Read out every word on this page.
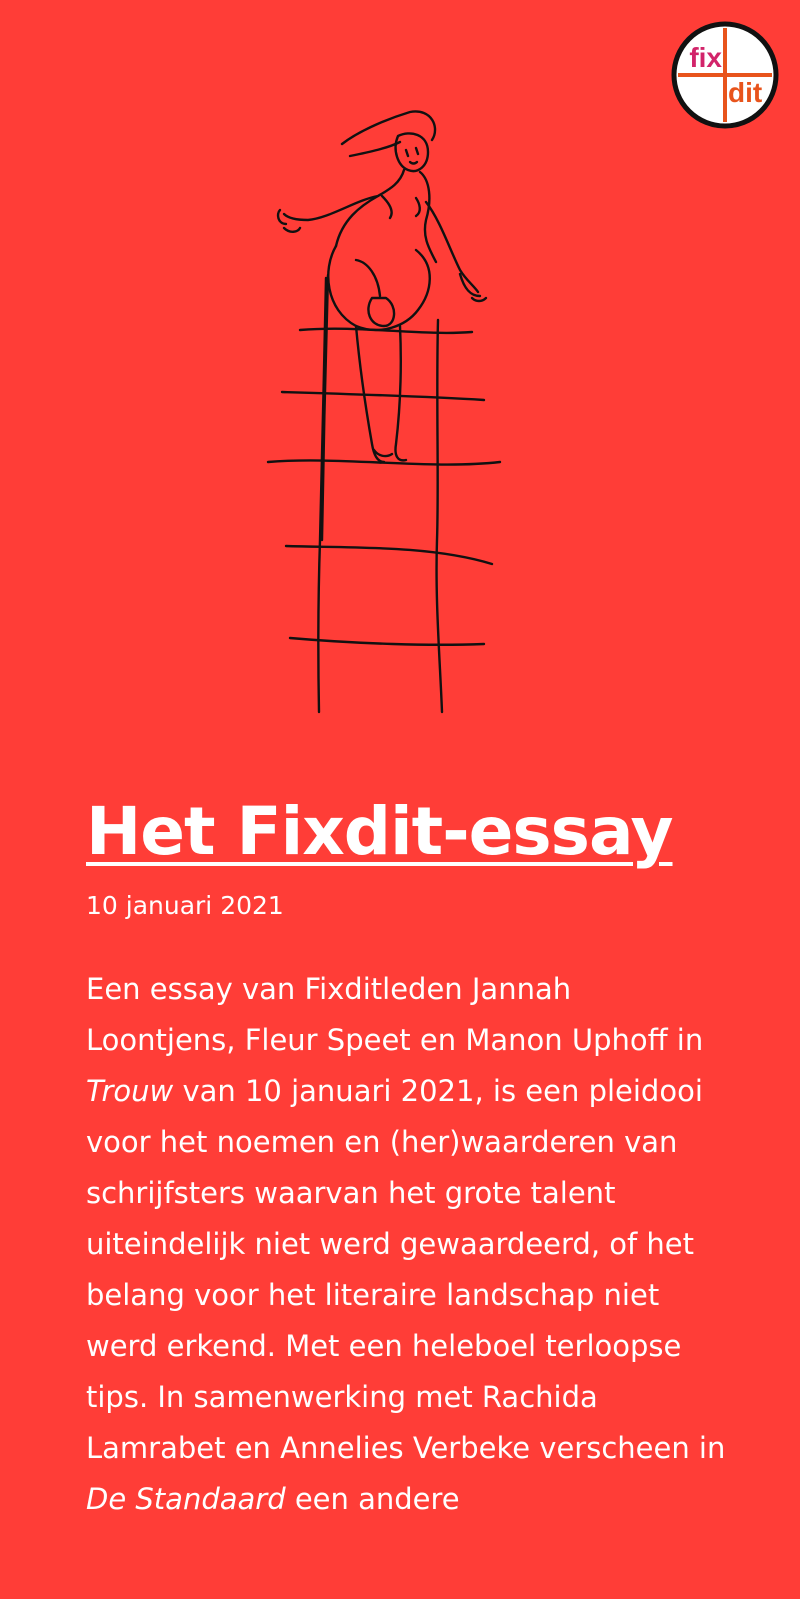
fix
dit
Het Fixdit-essay
10 januari 2021
Een essay van Fixditleden Jannah Loontjens, Fleur Speet en Manon Uphoff in Trouw van 10 januari 2021, is een pleidooi voor het noemen en (her)waarderen van schrijfsters waarvan het grote talent uiteindelijk niet werd gewaardeerd, of het belang voor het literaire landschap niet werd erkend. Met een heleboel terloopse tips. In samenwerking met Rachida Lamrabet en Annelies Verbeke verscheen in De Standaard een andere
